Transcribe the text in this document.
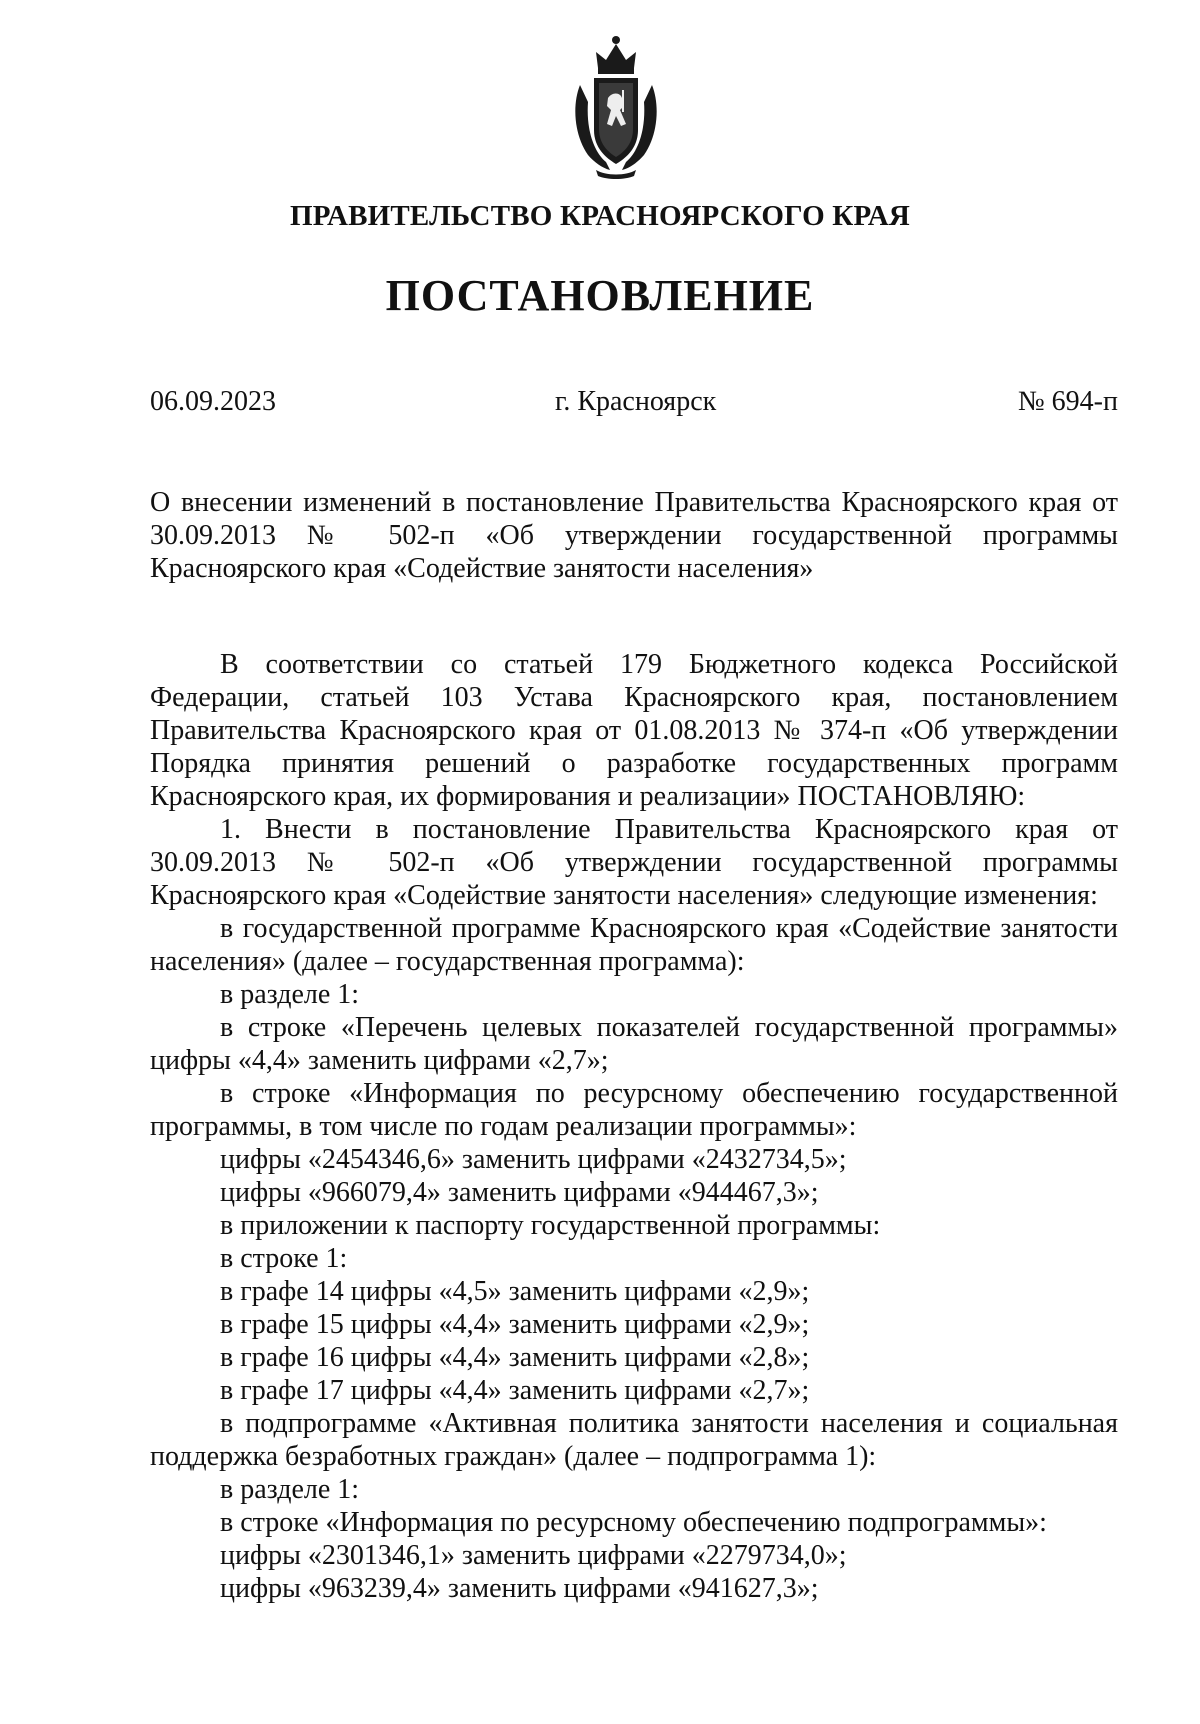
ПРАВИТЕЛЬСТВО КРАСНОЯРСКОГО КРАЯ
ПОСТАНОВЛЕНИЕ
06.09.2023	г. Красноярск	№ 694-п
О внесении изменений в постановление Правительства Красноярского края от 30.09.2013 № 502-п «Об утверждении государственной программы Красноярского края «Содействие занятости населения»

В соответствии со статьей 179 Бюджетного кодекса Российской Федерации, статьей 103 Устава Красноярского края, постановлением Правительства Красноярского края от 01.08.2013 № 374-п «Об утверждении Порядка принятия решений о разработке государственных программ Красноярского края, их формирования и реализации» ПОСТАНОВЛЯЮ:

1. Внести в постановление Правительства Красноярского края от 30.09.2013 № 502-п «Об утверждении государственной программы Красноярского края «Содействие занятости населения» следующие изменения:

в государственной программе Красноярского края «Содействие занятости населения» (далее – государственная программа):

в разделе 1:

в строке «Перечень целевых показателей государственной программы» цифры «4,4» заменить цифрами «2,7»;

в строке «Информация по ресурсному обеспечению государственной программы, в том числе по годам реализации программы»:

цифры «2454346,6» заменить цифрами «2432734,5»;

цифры «966079,4» заменить цифрами «944467,3»;

в приложении к паспорту государственной программы:

в строке 1:

в графе 14 цифры «4,5» заменить цифрами «2,9»;

в графе 15 цифры «4,4» заменить цифрами «2,9»;

в графе 16 цифры «4,4» заменить цифрами «2,8»;

в графе 17 цифры «4,4» заменить цифрами «2,7»;

в подпрограмме «Активная политика занятости населения и социальная поддержка безработных граждан» (далее – подпрограмма 1):

в разделе 1:

в строке «Информация по ресурсному обеспечению подпрограммы»:

цифры «2301346,1» заменить цифрами «2279734,0»;

цифры «963239,4» заменить цифрами «941627,3»;
